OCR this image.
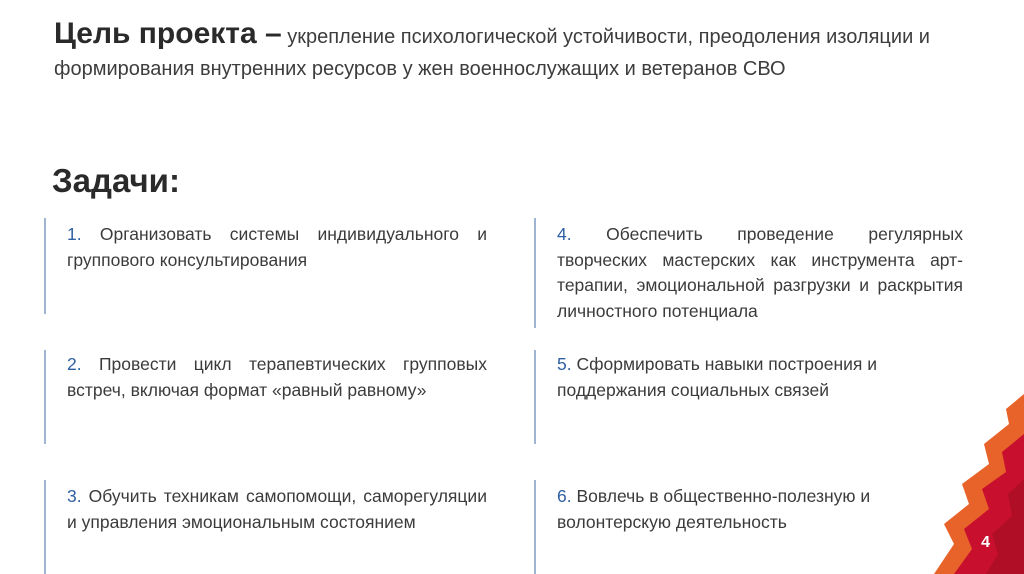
Цель проекта – укрепление психологической устойчивости, преодоления изоляции и формирования внутренних ресурсов у жен военнослужащих и ветеранов СВО
Задачи:
1. Организовать системы индивидуального и группового консультирования
2. Провести цикл терапевтических групповых встреч, включая формат «равный равному»
3. Обучить техникам самопомощи, саморегуляции и управления эмоциональным состоянием
4. Обеспечить проведение регулярных творческих мастерских как инструмента арт-терапии, эмоциональной разгрузки и раскрытия личностного потенциала
5. Сформировать навыки построения и поддержания социальных связей
6. Вовлечь в общественно-полезную и волонтерскую деятельность
4
